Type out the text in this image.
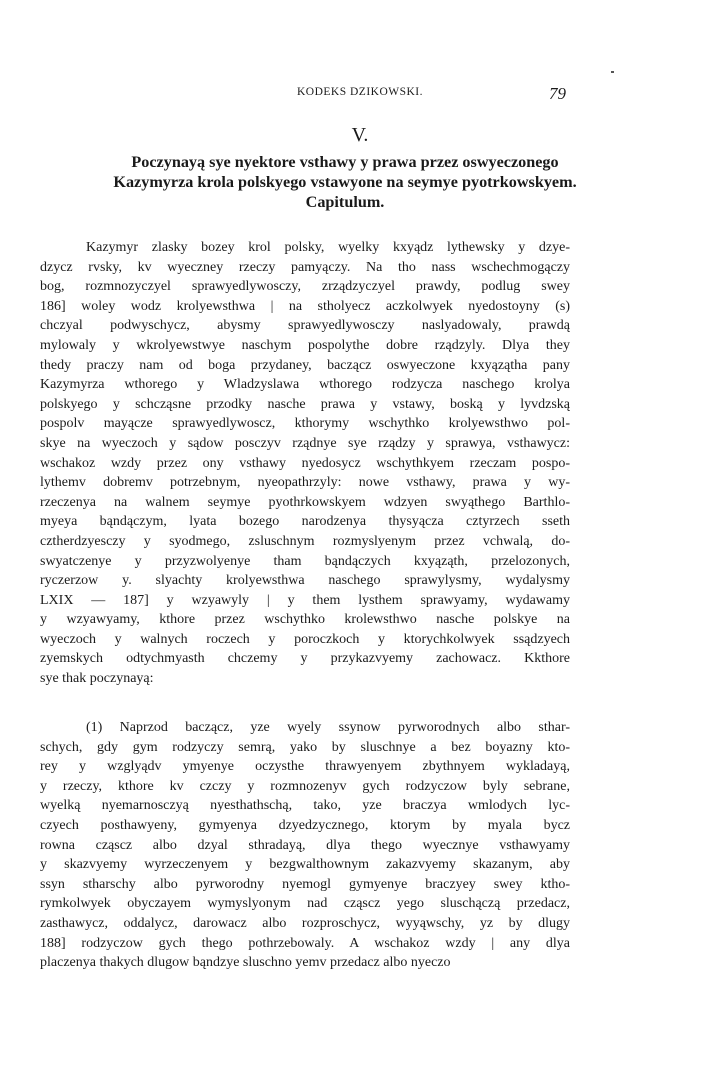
KODEKS DZIKOWSKI.	79
V.
Poczynayą sye nyektore vsthawy y prawa przez oswyeczonego
Kazymyrza krola polskyego vstawyone na seymye pyotrkowskyem.
Capitulum.
Kazymyr zlasky bozey krol polsky, wyelky kxyądz lythewsky y dzye-
dzycz rvsky, kv wyeczney rzeczy pamyączy. Na tho nass wschechmogączy
bog, rozmnozyczyel sprawyedlywosczy, zrządzyczyel prawdy, podlug swey
186] woley wodz krolyewsthwa | na stholyecz aczkolwyek nyedostoyny (s)
chczyal podwyschycz, abysmy sprawyedlywosczy naslyadowaly, prawdą
mylowaly y wkrolyewstwye naschym pospolythe dobre rządzyly. Dlya they
thedy praczy nam od boga przydaney, baczącz oswyeczone kxyązątha pany
Kazymyrza wthorego y Wladzyslawa wthorego rodzycza naschego krolya
polskyego y schcząsne przodky nasche prawa y vstawy, boską y lyvdzską
pospolv mayącze sprawyedlywoscz, kthorymy wschythko krolyewsthwo pol-
skye na wyeczoch y sądow posczyv rządnye sye rządzy y sprawya, vsthawycz:
wschakoz wzdy przez ony vsthawy nyedosycz wschythkyem rzeczam pospo-
lythemv dobremv potrzebnym, nyeopathrzyly: nowe vsthawy, prawa y wy-
rzeczenya na walnem seymye pyothrkowskyem wdzyen swyąthego Barthlo-
myeya bąndączym, lyata bozego narodzenya thysyącza cztyrzech sseth
cztherdzyesczy y syodmego, zsluschnym rozmyslyenym przez vchwalą, do-
swyatczenye y przyzwolyenye tham bąndączych kxyąząth, przelozonych,
ryczerzow y. slyachty krolyewsthwa naschego sprawylysmy, wydalysmy
LXIX — 187] y wzyawyly | y them lysthem sprawyamy, wydawamy
y wzyawyamy, kthore przez wschythko krolewsthwo nasche polskye na
wyeczoch y walnych roczech y poroczkoch y ktorychkolwyek ssądzyech
zyemskych odtychmyasth chczemy y przykazvyemy zachowacz. Kkthore
sye thak poczynayą:
(1) Naprzod baczącz, yze wyely ssynow pyrworodnych albo sthar-
schych, gdy gym rodzyczy semrą, yako by sluschnye a bez boyazny kto-
rey y wzglyądv ymyenye oczysthe thrawyenyem zbythnyem wykladayą,
y rzeczy, kthore kv czczy y rozmnozenyv gych rodzyczow byly sebrane,
wyelką nyemarnosczyą nyesthathschą, tako, yze braczya wmlodych lyc-
czyech posthawyeny, gymyenya dzyedzycznego, ktorym by myala bycz
rowna cząscz albo dzyal sthradayą, dlya thego wyecznye vsthawyamy
y skazvyemy wyrzeczenyem y bezgwalthownym zakazvyemy skazanym, aby
ssyn stharschy albo pyrworodny nyemogl gymyenye braczyey swey ktho-
rymkolwyek obyczayem wymyslyonym nad cząscz yego sluschączą przedacz,
zasthawycz, oddalycz, darowacz albo rozproschycz, wyyąwschy, yz by dlugy
188] rodzyczow gych thego pothrzebowaly. A wschakoz wzdy | any dlya
placzenya thakych dlugow bąndzye sluschno yemv przedacz albo nyeczo
